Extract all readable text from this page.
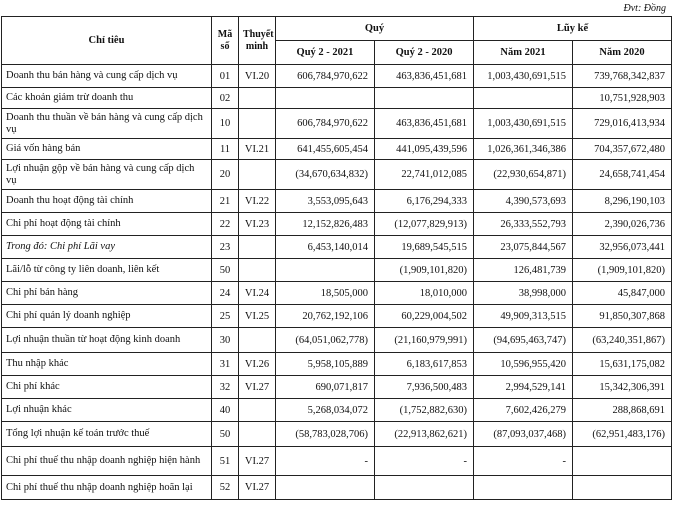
Đvt: Đồng
Chỉ tiêu	Mã số	Thuyết minh	Quý		Lũy kế	
			Quý 2 - 2021	Quý 2 - 2020	Năm 2021	Năm 2020
Doanh thu bán hàng và cung cấp dịch vụ	01	VI.20	606,784,970,622	463,836,451,681	1,003,430,691,515	739,768,342,837
Các khoản giảm trừ doanh thu	02					10,751,928,903
Doanh thu thuần về bán hàng và cung cấp dịch vụ	10		606,784,970,622	463,836,451,681	1,003,430,691,515	729,016,413,934
Giá vốn hàng bán	11	VI.21	641,455,605,454	441,095,439,596	1,026,361,346,386	704,357,672,480
Lợi nhuận gộp về bán hàng và cung cấp dịch vụ	20		(34,670,634,832)	22,741,012,085	(22,930,654,871)	24,658,741,454
Doanh thu hoạt động tài chính	21	VI.22	3,553,095,643	6,176,294,333	4,390,573,693	8,296,190,103
Chi phí hoạt động tài chính	22	VI.23	12,152,826,483	(12,077,829,913)	26,333,552,793	2,390,026,736
Trong đó: Chi phí Lãi vay	23		6,453,140,014	19,689,545,515	23,075,844,567	32,956,073,441
Lãi/lỗ từ công ty liên doanh, liên kết	50			(1,909,101,820)	126,481,739	(1,909,101,820)
Chi phí bán hàng	24	VI.24	18,505,000	18,010,000	38,998,000	45,847,000
Chi phí quản lý doanh nghiệp	25	VI.25	20,762,192,106	60,229,004,502	49,909,313,515	91,850,307,868
Lợi nhuận thuần từ hoạt động kinh doanh	30		(64,051,062,778)	(21,160,979,991)	(94,695,463,747)	(63,240,351,867)
Thu nhập khác	31	VI.26	5,958,105,889	6,183,617,853	10,596,955,420	15,631,175,082
Chi phí khác	32	VI.27	690,071,817	7,936,500,483	2,994,529,141	15,342,306,391
Lợi nhuận khác	40		5,268,034,072	(1,752,882,630)	7,602,426,279	288,868,691
Tổng lợi nhuận kế toán trước thuế	50		(58,783,028,706)	(22,913,862,621)	(87,093,037,468)	(62,951,483,176)
Chi phí thuế thu nhập doanh nghiệp hiện hành	51	VI.27	-	-	-	
Chi phí thuế thu nhập doanh nghiệp hoãn lại	52	VI.27				
